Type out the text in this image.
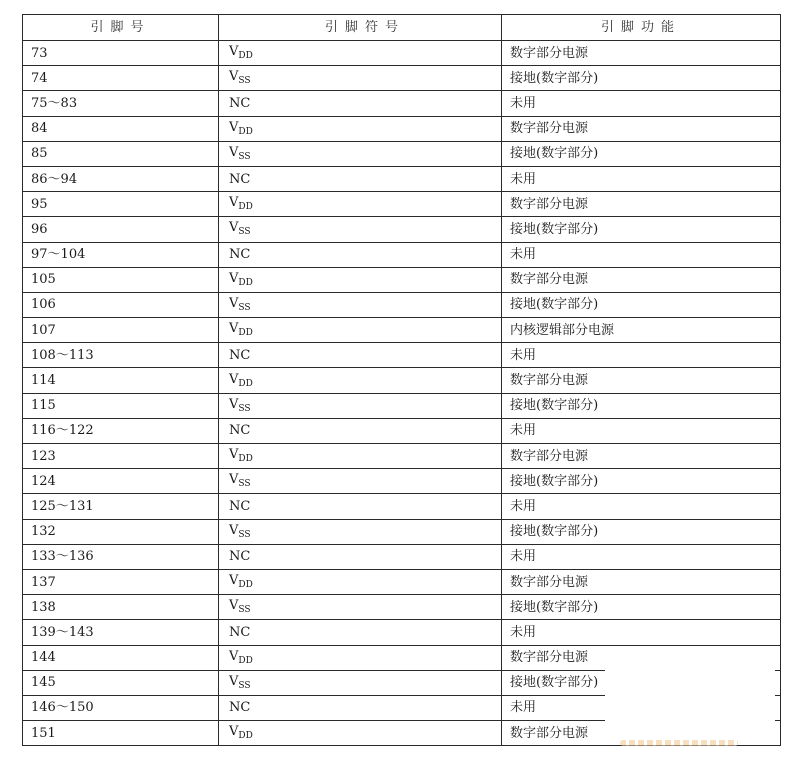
引脚号	引脚符号	引脚功能
73	$V_{DD}$	数字部分电源
74	$V_{SS}$	接地(数字部分)
75～83	NC	未用
84	$V_{DD}$	数字部分电源
85	$V_{SS}$	接地(数字部分)
86～94	NC	未用
95	$V_{DD}$	数字部分电源
96	$V_{SS}$	接地(数字部分)
97～104	NC	未用
105	$V_{DD}$	数字部分电源
106	$V_{SS}$	接地(数字部分)
107	$V_{DD}$	内核逻辑部分电源
108～113	NC	未用
114	$V_{DD}$	数字部分电源
115	$V_{SS}$	接地(数字部分)
116～122	NC	未用
123	$V_{DD}$	数字部分电源
124	$V_{SS}$	接地(数字部分)
125～131	NC	未用
132	$V_{SS}$	接地(数字部分)
133～136	NC	未用
137	$V_{DD}$	数字部分电源
138	$V_{SS}$	接地(数字部分)
139～143	NC	未用
144	$V_{DD}$	数字部分电源
145	$V_{SS}$	接地(数字部分)
146～150	NC	未用
151	$V_{DD}$	数字部分电源
